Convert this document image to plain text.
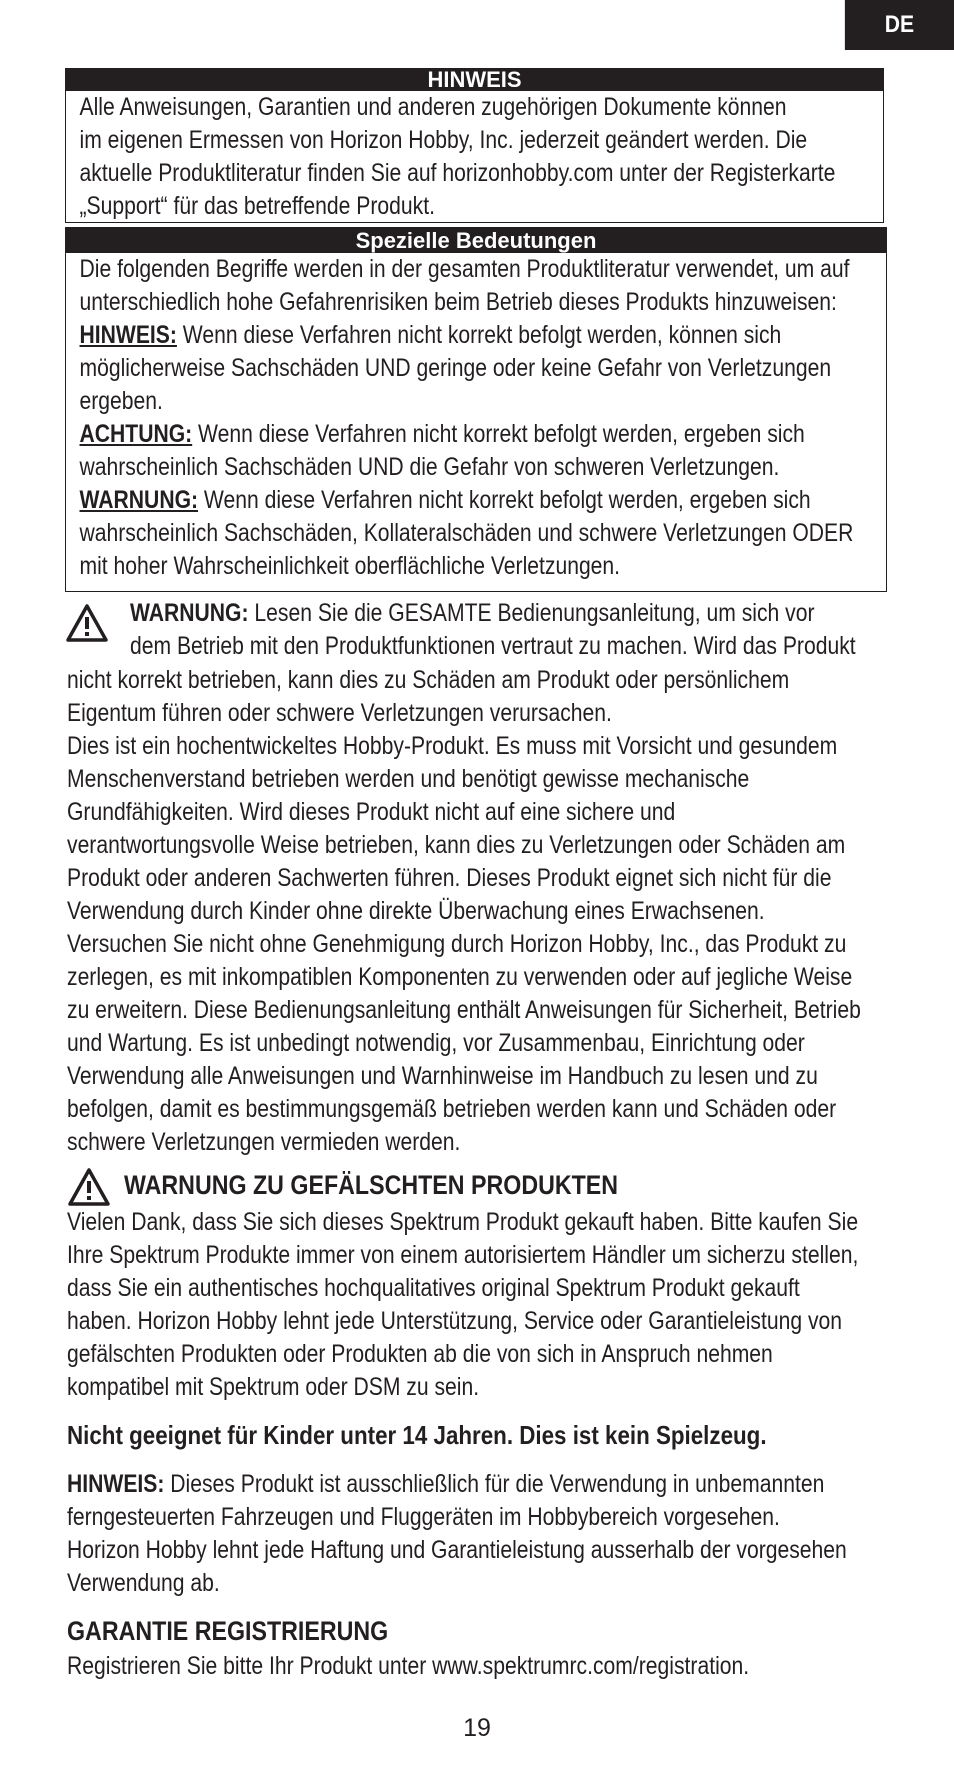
DE
HINWEIS

Alle Anweisungen, Garantien und anderen zugehörigen Dokumente können

im eigenen Ermessen von Horizon Hobby, Inc. jederzeit geändert werden. Die

aktuelle Produktliteratur finden Sie auf horizonhobby.com unter der Registerkarte

„Support“ für das betreffende Produkt.

Spezielle Bedeutungen

Die folgenden Begriffe werden in der gesamten Produktliteratur verwendet, um auf

unterschiedlich hohe Gefahrenrisiken beim Betrieb dieses Produkts hinzuweisen:

HINWEIS: Wenn diese Verfahren nicht korrekt befolgt werden, können sich

möglicherweise Sachschäden UND geringe oder keine Gefahr von Verletzungen

ergeben.

ACHTUNG: Wenn diese Verfahren nicht korrekt befolgt werden, ergeben sich

wahrscheinlich Sachschäden UND die Gefahr von schweren Verletzungen.

WARNUNG: Wenn diese Verfahren nicht korrekt befolgt werden, ergeben sich

wahrscheinlich Sachschäden, Kollateralschäden und schwere Verletzungen ODER

mit hoher Wahrscheinlichkeit oberflächliche Verletzungen.

WARNUNG: Lesen Sie die GESAMTE Bedienungsanleitung, um sich vor

dem Betrieb mit den Produktfunktionen vertraut zu machen. Wird das Produkt

nicht korrekt betrieben, kann dies zu Schäden am Produkt oder persönlichem

Eigentum führen oder schwere Verletzungen verursachen.

Dies ist ein hochentwickeltes Hobby-Produkt. Es muss mit Vorsicht und gesundem

Menschenverstand betrieben werden und benötigt gewisse mechanische

Grundfähigkeiten. Wird dieses Produkt nicht auf eine sichere und

verantwortungsvolle Weise betrieben, kann dies zu Verletzungen oder Schäden am

Produkt oder anderen Sachwerten führen. Dieses Produkt eignet sich nicht für die

Verwendung durch Kinder ohne direkte Überwachung eines Erwachsenen.

Versuchen Sie nicht ohne Genehmigung durch Horizon Hobby, Inc., das Produkt zu

zerlegen, es mit inkompatiblen Komponenten zu verwenden oder auf jegliche Weise

zu erweitern. Diese Bedienungsanleitung enthält Anweisungen für Sicherheit, Betrieb

und Wartung. Es ist unbedingt notwendig, vor Zusammenbau, Einrichtung oder

Verwendung alle Anweisungen und Warnhinweise im Handbuch zu lesen und zu

befolgen, damit es bestimmungsgemäß betrieben werden kann und Schäden oder

schwere Verletzungen vermieden werden.

WARNUNG ZU GEFÄLSCHTEN PRODUKTEN

Vielen Dank, dass Sie sich dieses Spektrum Produkt gekauft haben. Bitte kaufen Sie

Ihre Spektrum Produkte immer von einem autorisiertem Händler um sicherzu stellen,

dass Sie ein authentisches hochqualitatives original Spektrum Produkt gekauft

haben. Horizon Hobby lehnt jede Unterstützung, Service oder Garantieleistung von

gefälschten Produkten oder Produkten ab die von sich in Anspruch nehmen

kompatibel mit Spektrum oder DSM zu sein.

Nicht geeignet für Kinder unter 14 Jahren. Dies ist kein Spielzeug.

HINWEIS: Dieses Produkt ist ausschließlich für die Verwendung in unbemannten

ferngesteuerten Fahrzeugen und Fluggeräten im Hobbybereich vorgesehen.

Horizon Hobby lehnt jede Haftung und Garantieleistung ausserhalb der vorgesehen

Verwendung ab.

GARANTIE REGISTRIERUNG

Registrieren Sie bitte Ihr Produkt unter www.spektrumrc.com/registration.

19
